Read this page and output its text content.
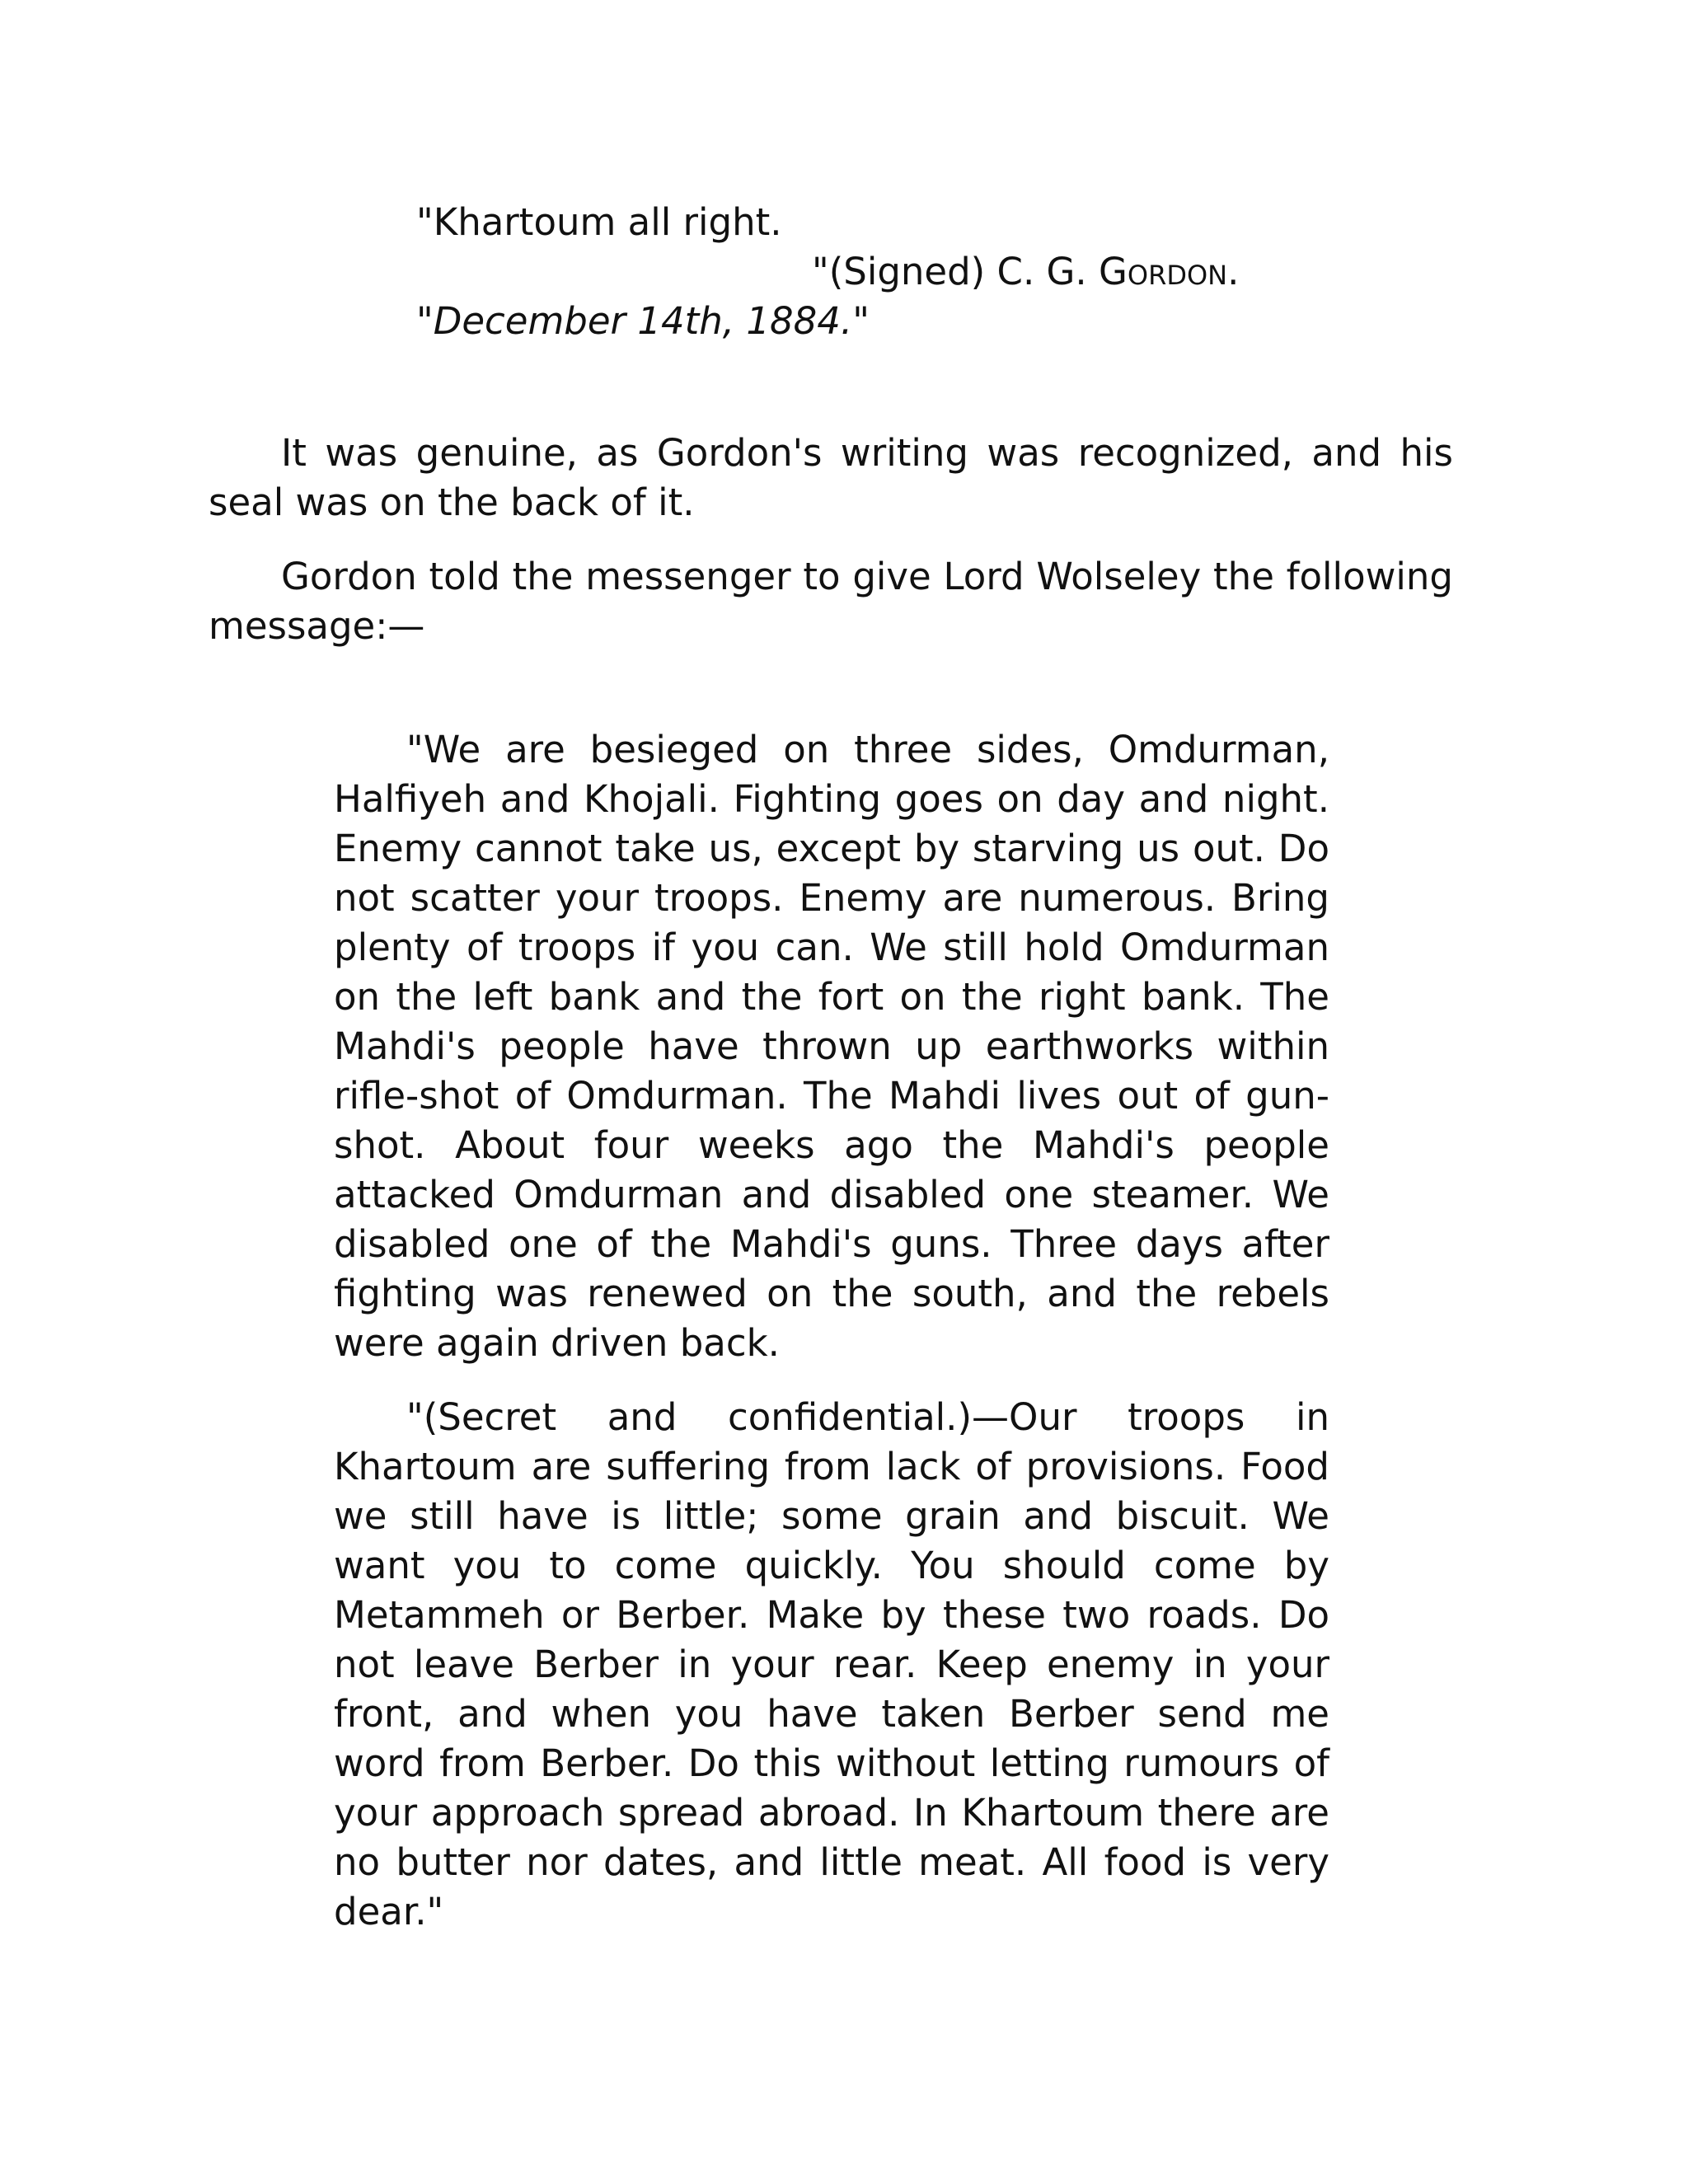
"Khartoum all right.
"(Signed) C. G. Gordon.
"December 14th, 1884."

It was genuine, as Gordon's writing was recognized, and his seal was on the back of it.

Gordon told the messenger to give Lord Wolseley the following message:—

"We are besieged on three sides, Omdurman, Halfiyeh and Khojali. Fighting goes on day and night. Enemy cannot take us, except by starving us out. Do not scatter your troops. Enemy are numerous. Bring plenty of troops if you can. We still hold Omdurman on the left bank and the fort on the right bank. The Mahdi's people have thrown up earthworks within rifle-shot of Omdurman. The Mahdi lives out of gun-shot. About four weeks ago the Mahdi's people attacked Omdurman and disabled one steamer. We disabled one of the Mahdi's guns. Three days after fighting was renewed on the south, and the rebels were again driven back.

"(Secret and confidential.)—Our troops in Khartoum are suffering from lack of provisions. Food we still have is little; some grain and biscuit. We want you to come quickly. You should come by Metammeh or Berber. Make by these two roads. Do not leave Berber in your rear. Keep enemy in your front, and when you have taken Berber send me word from Berber. Do this without letting rumours of your approach spread abroad. In Khartoum there are no butter nor dates, and little meat. All food is very dear."
